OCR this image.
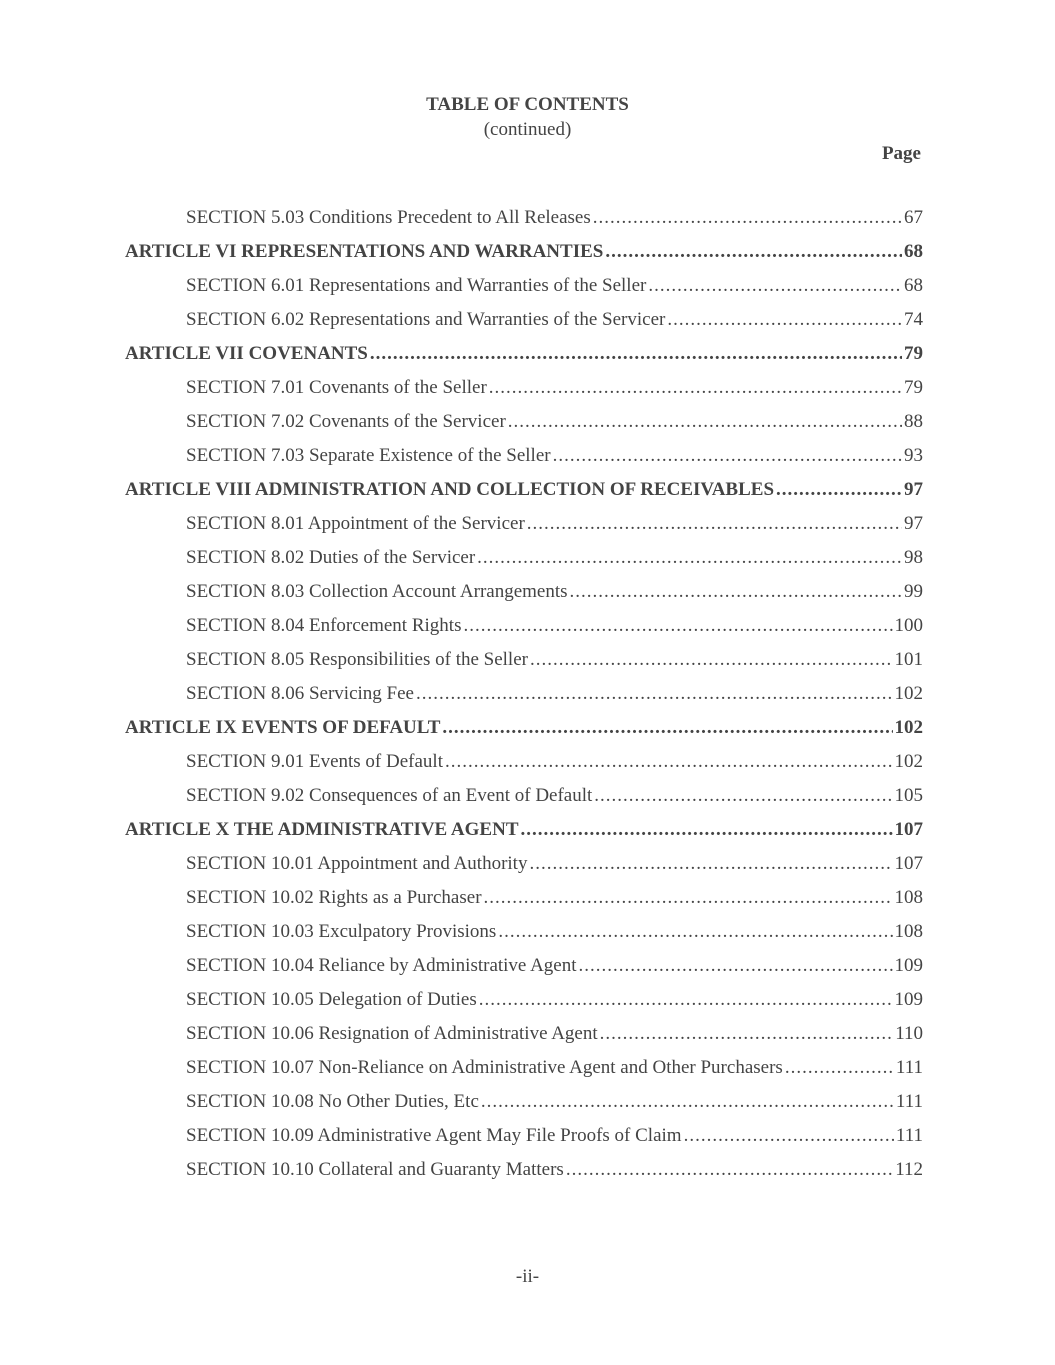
TABLE OF CONTENTS
(continued)
Page
SECTION 5.03 Conditions Precedent to All Releases .....	67
ARTICLE VI REPRESENTATIONS AND WARRANTIES .....	68
SECTION 6.01 Representations and Warranties of the Seller .....	68
SECTION 6.02 Representations and Warranties of the Servicer .....	74
ARTICLE VII COVENANTS .....	79
SECTION 7.01 Covenants of the Seller .....	79
SECTION 7.02 Covenants of the Servicer .....	88
SECTION 7.03 Separate Existence of the Seller .....	93
ARTICLE VIII ADMINISTRATION AND COLLECTION OF RECEIVABLES .....	97
SECTION 8.01 Appointment of the Servicer .....	97
SECTION 8.02 Duties of the Servicer .....	98
SECTION 8.03 Collection Account Arrangements .....	99
SECTION 8.04 Enforcement Rights .....	100
SECTION 8.05 Responsibilities of the Seller .....	101
SECTION 8.06 Servicing Fee .....	102
ARTICLE IX EVENTS OF DEFAULT .....	102
SECTION 9.01 Events of Default .....	102
SECTION 9.02 Consequences of an Event of Default .....	105
ARTICLE X THE ADMINISTRATIVE AGENT .....	107
SECTION 10.01 Appointment and Authority .....	107
SECTION 10.02 Rights as a Purchaser .....	108
SECTION 10.03 Exculpatory Provisions .....	108
SECTION 10.04 Reliance by Administrative Agent .....	109
SECTION 10.05 Delegation of Duties .....	109
SECTION 10.06 Resignation of Administrative Agent .....	110
SECTION 10.07 Non-Reliance on Administrative Agent and Other Purchasers .....	111
SECTION 10.08 No Other Duties, Etc .....	111
SECTION 10.09 Administrative Agent May File Proofs of Claim .....	111
SECTION 10.10 Collateral and Guaranty Matters .....	112
-ii-
